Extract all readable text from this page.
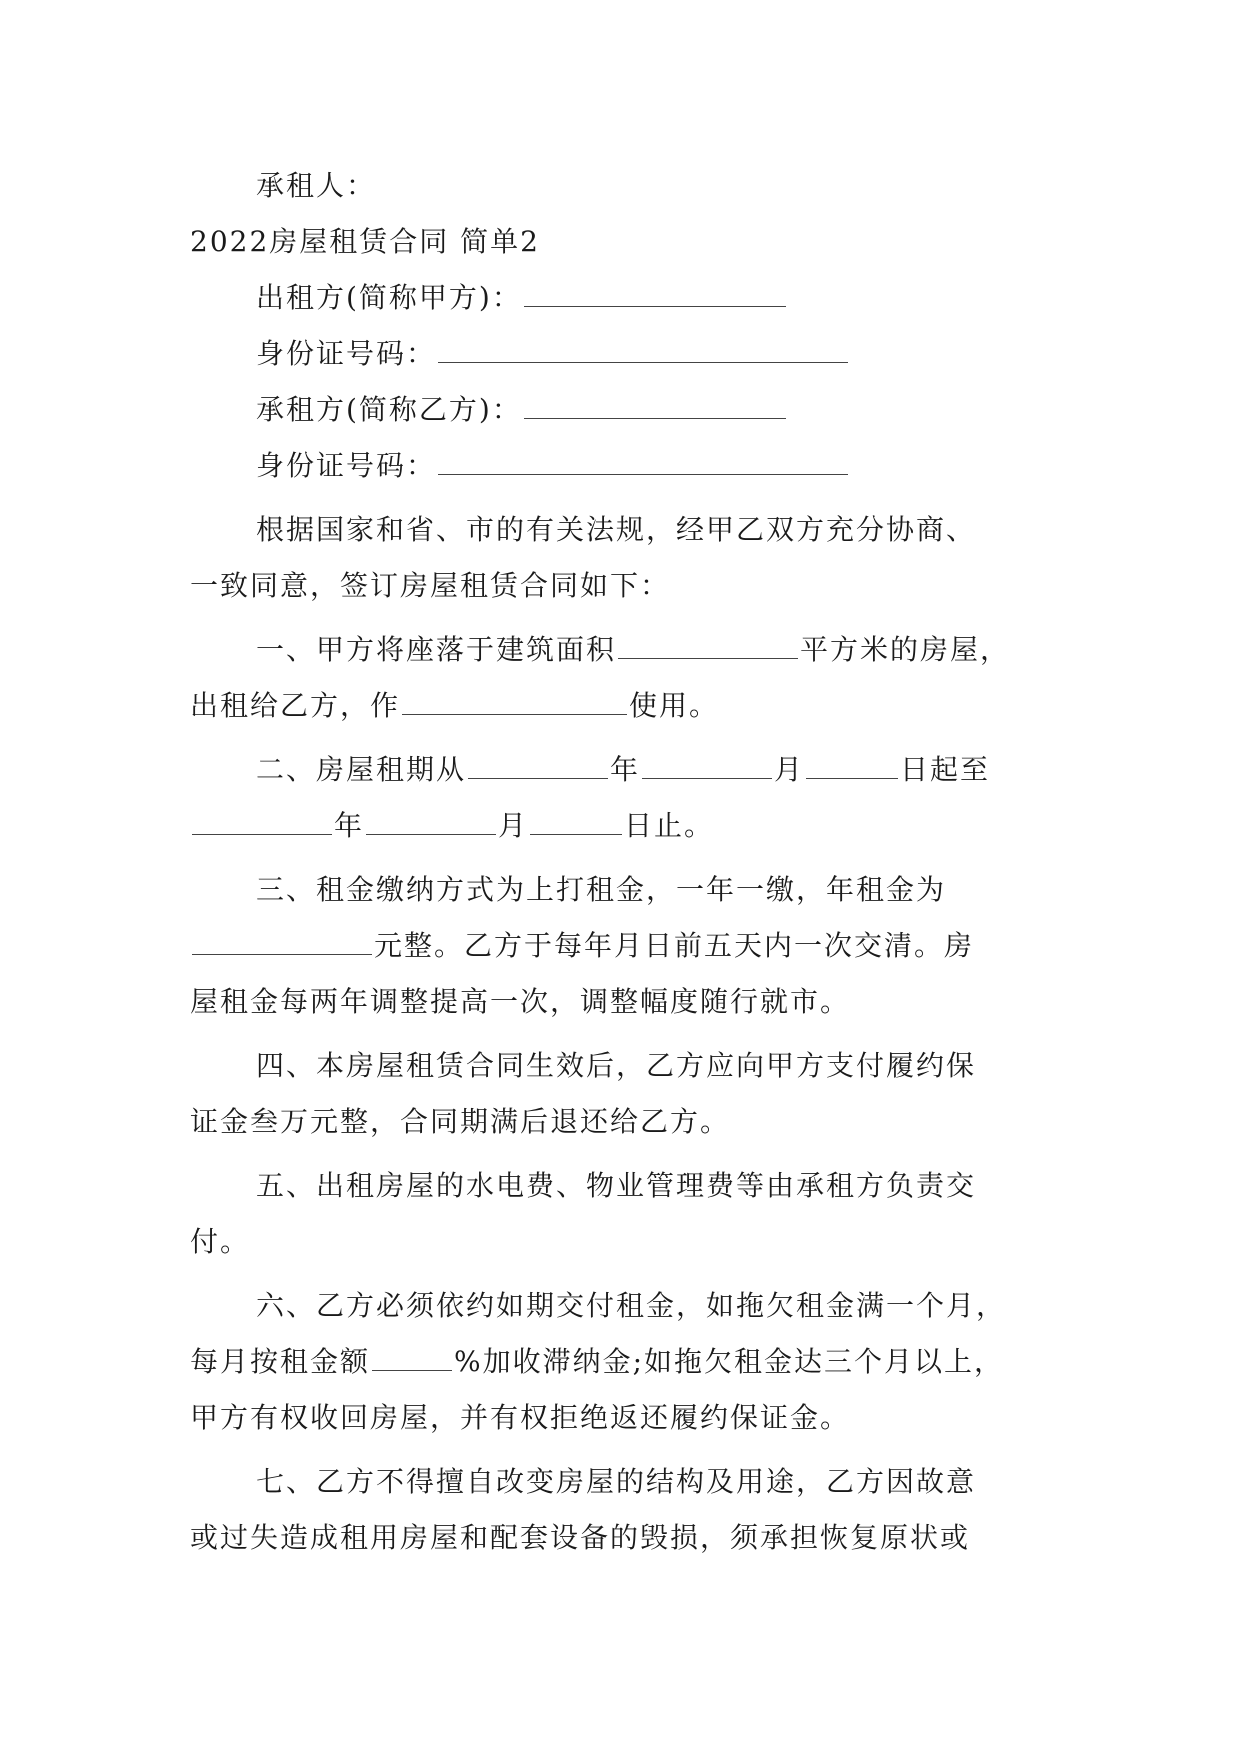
承租人：
2022房屋租赁合同 简单2
出租方(简称甲方)：
身份证号码：
承租方(简称乙方)：
身份证号码：
根据国家和省、市的有关法规，经甲乙双方充分协商、
一致同意，签订房屋租赁合同如下：
一、甲方将座落于建筑面积	平方米的房屋，
出租给乙方，作	使用。
二、房屋租期从	年	月	日起至
年	月	日止。
三、租金缴纳方式为上打租金，一年一缴，年租金为
元整。乙方于每年月日前五天内一次交清。房
屋租金每两年调整提高一次，调整幅度随行就市。
四、本房屋租赁合同生效后，乙方应向甲方支付履约保
证金叁万元整，合同期满后退还给乙方。
五、出租房屋的水电费、物业管理费等由承租方负责交
付。
六、乙方必须依约如期交付租金，如拖欠租金满一个月，
每月按租金额	%加收滞纳金;如拖欠租金达三个月以上，
甲方有权收回房屋，并有权拒绝返还履约保证金。
七、乙方不得擅自改变房屋的结构及用途，乙方因故意
或过失造成租用房屋和配套设备的毁损，须承担恢复原状或
